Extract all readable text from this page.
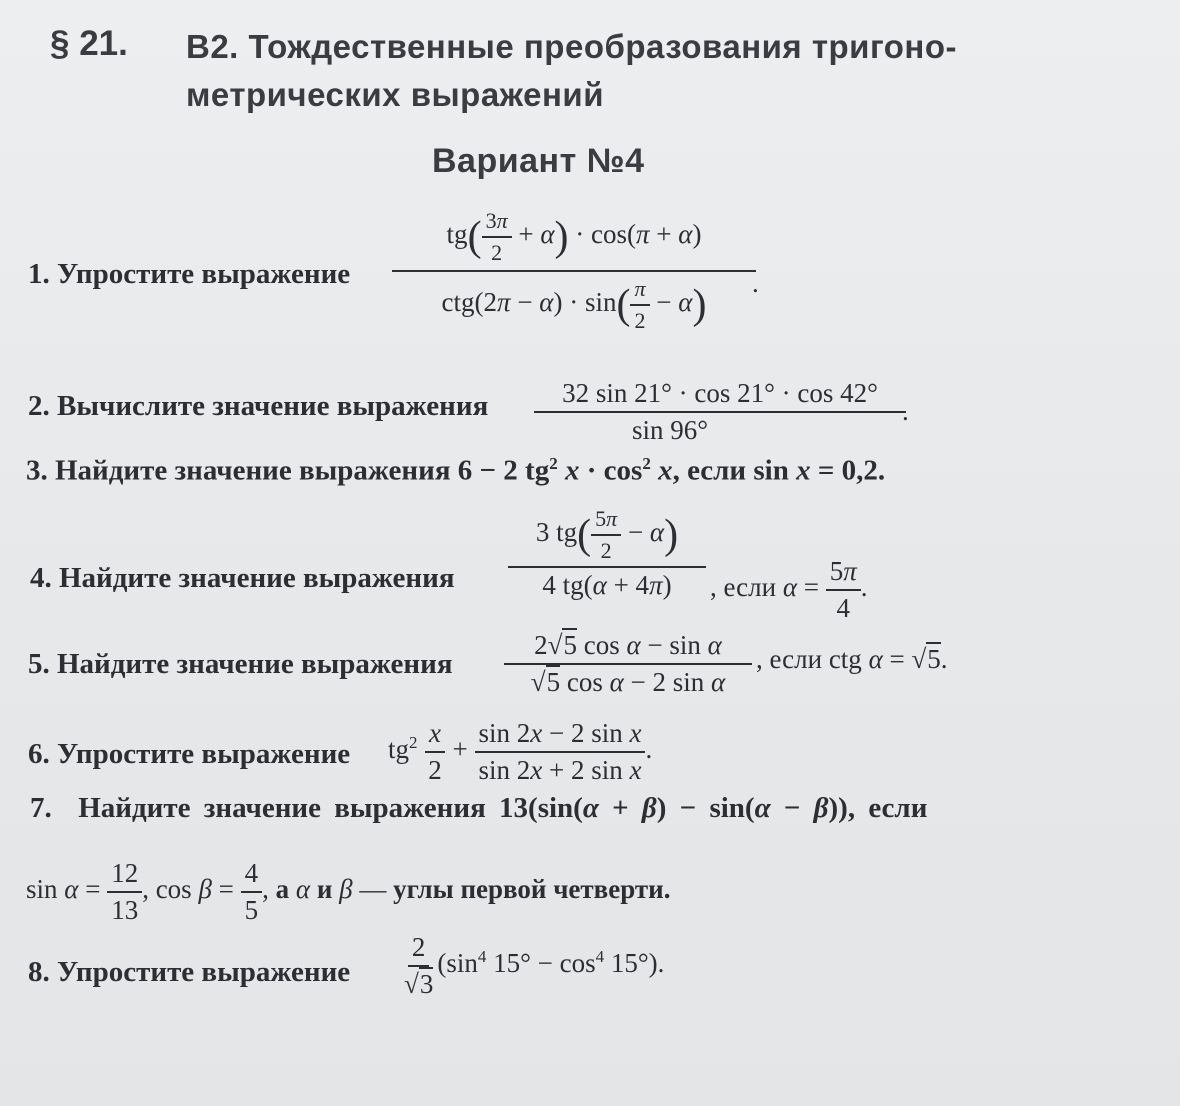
§ 21. B2. Тождественные преобразования тригоно-
метрических выражений
Вариант №4
1. Упростите выражение
$tg( \frac{3\pi}{2} + \alpha) \cdot \cos(\pi + \alpha)$
$ctg(2\pi - \alpha) \cdot \sin( \frac{\pi}{2} - \alpha)$	.
2. Вычислите значение выражения	32 sin 21° · cos 21° · cos 42°
sin 96°
.
3. Найдите значение выражения 6 − 2 $tg^2$ $x \cdot \cos^2 x$, если sin x = 0,2.
4. Найдите значение выражения
3 $tg( \frac{5\pi}{2} - \alpha)$
4 tg(α + 4π)	, если $\alpha = \frac{5\pi}{4}$ .
5. Найдите значение выражения
2√5 cos α − sin α
√5 cos α − 2 sin α
, если ctg α = √5.
6. Упростите выражение $tg^2 \frac{x}{2} + \frac{\text{sin 2x − 2 sin x}}{\text{sin 2x + 2 sin x}}$ .
7.  Найдите значение выражения 13(sin(α + β) − sin(α − β)), если
$\sin \alpha = \frac{12}{13}$ , $\cos \beta = \frac{4}{5}$ , а α и β — углы первой четверти.
8. Упростите выражение $\frac{2}{√3} (\sin^4$ $15^\circ - \cos^4 15^\circ$).
